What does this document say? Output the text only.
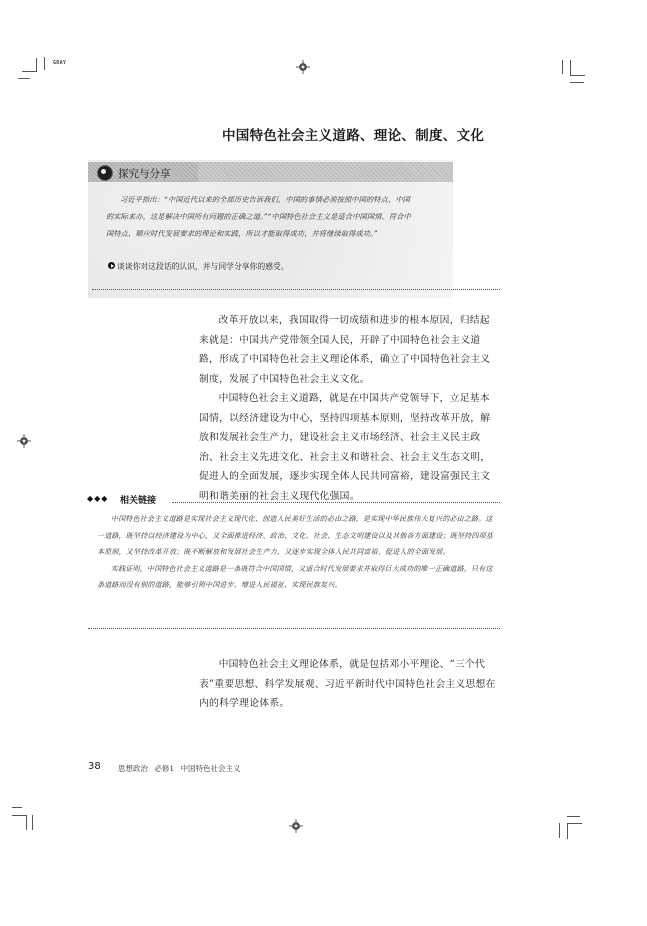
GRAY
中国特色社会主义道路、理论、制度、文化
探究与分享

习近平指出：“中国近代以来的全部历史告诉我们，中国的事情必须按照中国的特点、中国

的实际来办，这是解决中国所有问题的正确之道。”“中国特色社会主义是适合中国国情、符合中

国特点、顺应时代发展要求的理论和实践，所以才能取得成功，并将继续取得成功。”

谈谈你对这段话的认识，并与同学分享你的感受。

改革开放以来，我国取得一切成绩和进步的根本原因，归结起来就是：中国共产党带领全国人民，开辟了中国特色社会主义道路，形成了中国特色社会主义理论体系，确立了中国特色社会主义制度，发展了中国特色社会主义文化。

中国特色社会主义道路，就是在中国共产党领导下，立足基本国情，以经济建设为中心，坚持四项基本原则，坚持改革开放，解放和发展社会生产力，建设社会主义市场经济、社会主义民主政治、社会主义先进文化、社会主义和谐社会、社会主义生态文明，促进人的全面发展，逐步实现全体人民共同富裕，建设富强民主文明和谐美丽的社会主义现代化强国。

◆◆◆ 相关链接

中国特色社会主义道路是实现社会主义现代化、创造人民美好生活的必由之路，是实现中华民族伟大复兴的必由之路。这一道路，既坚持以经济建设为中心，又全面推进经济、政治、文化、社会、生态文明建设以及其他各方面建设；既坚持四项基本原则，又坚持改革开放；既不断解放和发展社会生产力，又逐步实现全体人民共同富裕、促进人的全面发展。

实践证明，中国特色社会主义道路是一条既符合中国国情，又适合时代发展要求并取得巨大成功的唯一正确道路。只有这条道路而没有别的道路，能够引领中国进步、增进人民福祉、实现民族复兴。

中国特色社会主义理论体系，就是包括邓小平理论、“三个代表”重要思想、科学发展观、习近平新时代中国特色社会主义思想在内的科学理论体系。

38 思想政治 必修1 中国特色社会主义
